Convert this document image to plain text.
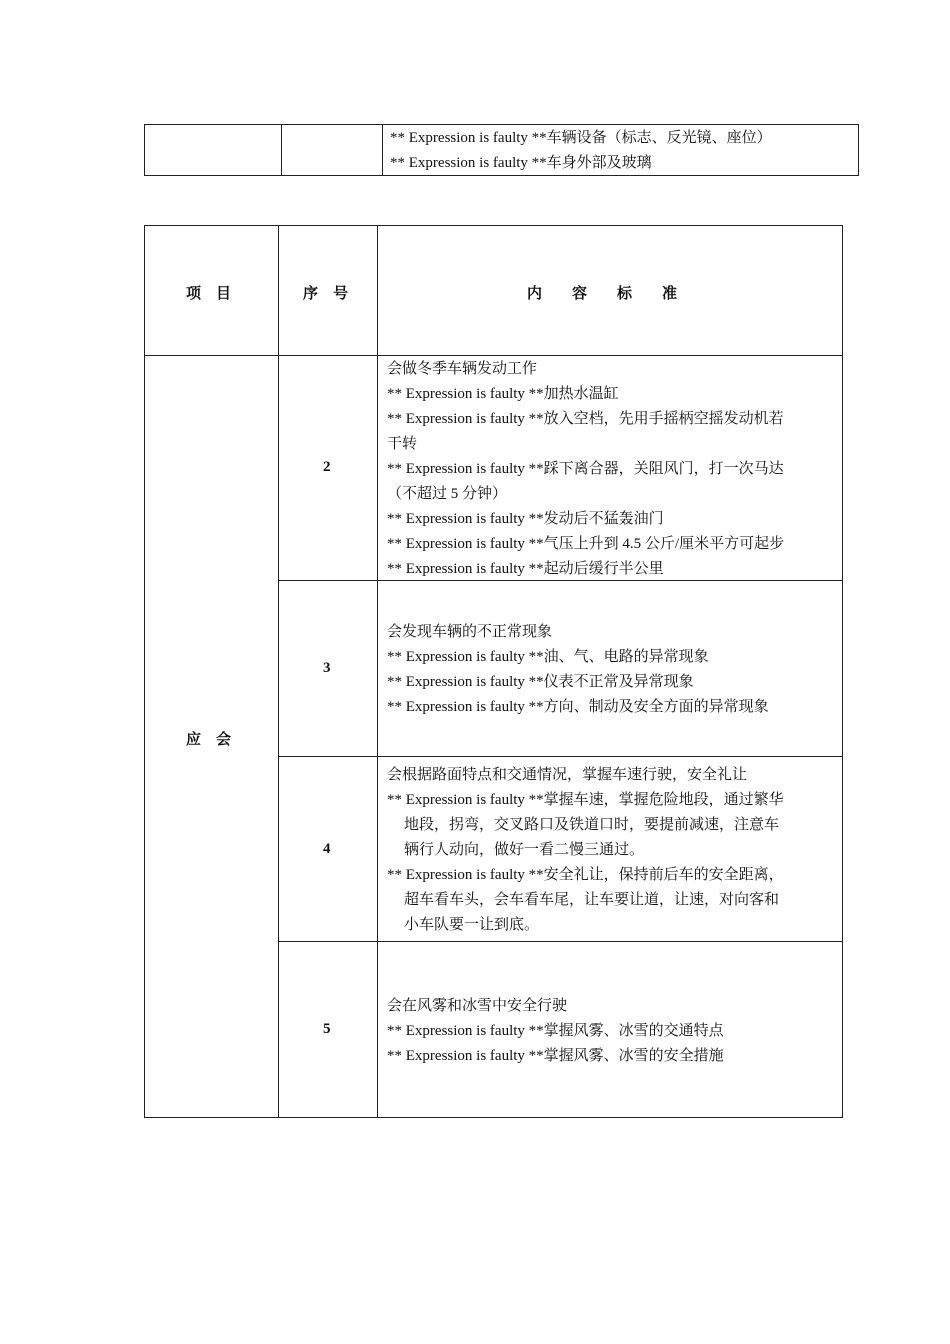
** Expression is faulty **车辆设备（标志、反光镜、座位）
** Expression is faulty **车身外部及玻璃
项　目	序　号	内　　容　　标　　准
应　会
2
会做冬季车辆发动工作
** Expression is faulty **加热水温缸
** Expression is faulty **放入空档，先用手摇柄空摇发动机若
干转
** Expression is faulty **踩下离合器，关阻风门，打一次马达
（不超过 5 分钟）
** Expression is faulty **发动后不猛轰油门
** Expression is faulty **气压上升到 4.5 公斤/厘米平方可起步
** Expression is faulty **起动后缓行半公里
3
会发现车辆的不正常现象
** Expression is faulty **油、气、电路的异常现象
** Expression is faulty **仪表不正常及异常现象
** Expression is faulty **方向、制动及安全方面的异常现象
4
会根据路面特点和交通情况，掌握车速行驶，安全礼让
** Expression is faulty **掌握车速，掌握危险地段，通过繁华
地段，拐弯，交叉路口及铁道口时，要提前减速，注意车
辆行人动向，做好一看二慢三通过。
** Expression is faulty **安全礼让，保持前后车的安全距离，
超车看车头，会车看车尾，让车要让道，让速，对向客和
小车队要一让到底。
5
会在风雾和冰雪中安全行驶
** Expression is faulty **掌握风雾、冰雪的交通特点
** Expression is faulty **掌握风雾、冰雪的安全措施
